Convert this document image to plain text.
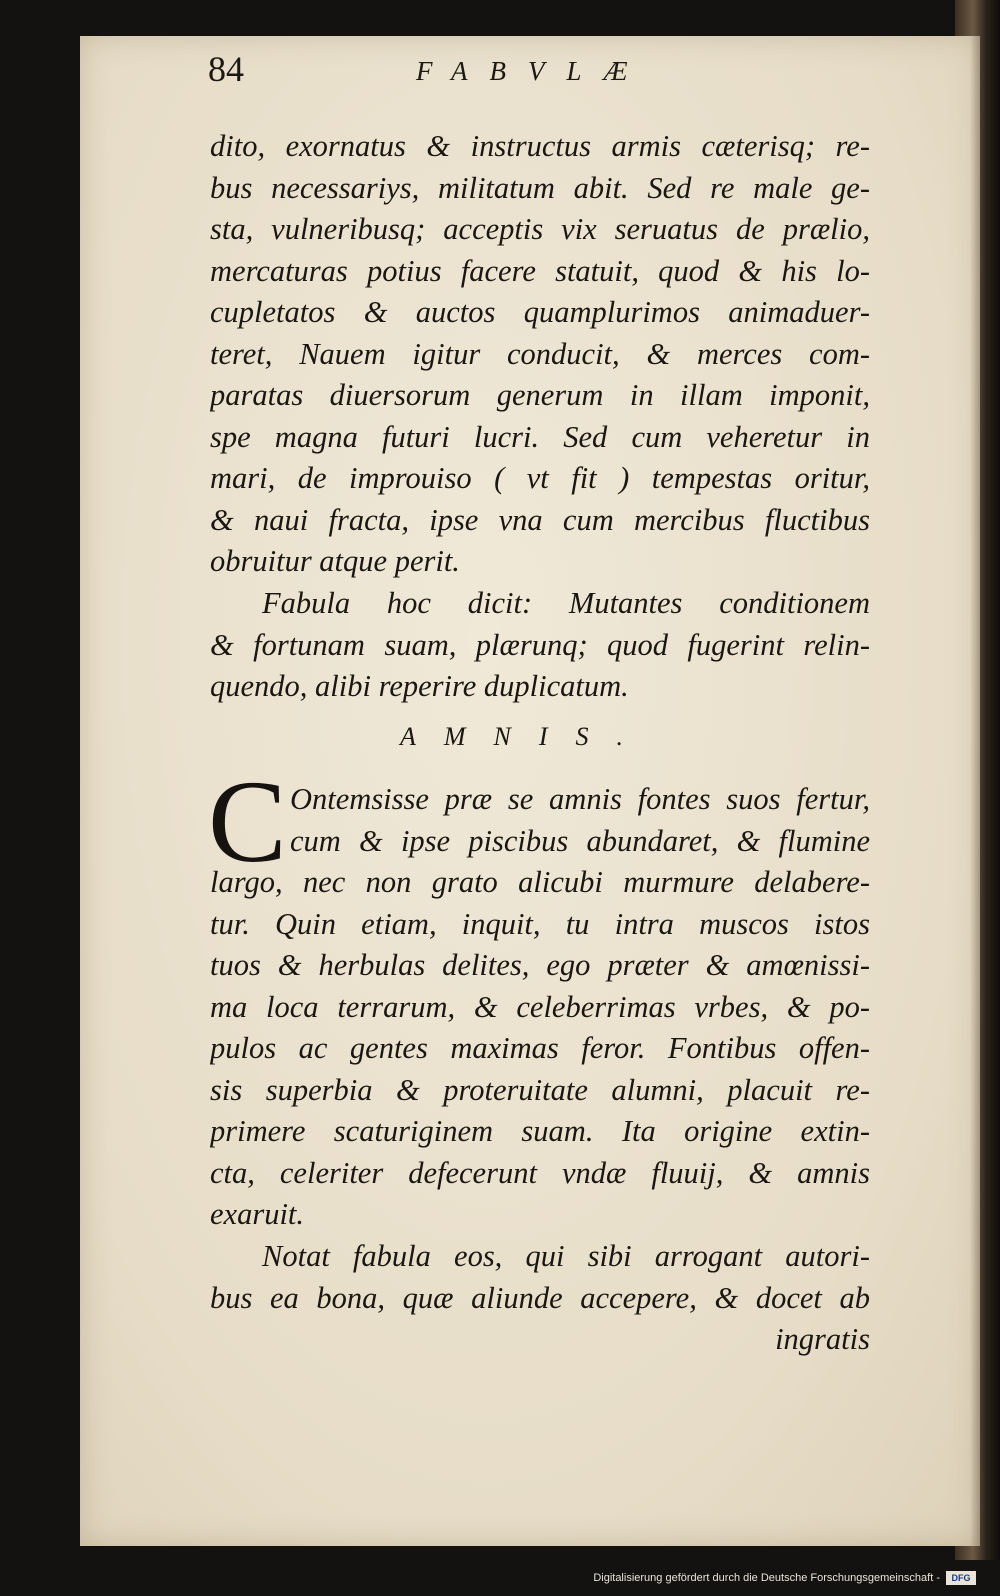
84	FABVLÆ
dito, exornatus & instructus armis cæterisq; re-
bus necessariys, militatum abit. Sed re male ge-
sta, vulneribusq; acceptis vix seruatus de prælio,
mercaturas potius facere statuit, quod & his lo-
cupletatos & auctos quamplurimos animaduer-
teret, Nauem igitur conducit, & merces com-
paratas diuersorum generum in illam imponit,
spe magna futuri lucri. Sed cum veheretur in
mari, de improuiso ( vt fit ) tempestas oritur,
& naui fracta, ipse vna cum mercibus fluctibus
obruitur atque perit.
Fabula hoc dicit: Mutantes conditionem
& fortunam suam, plærunq; quod fugerint relin-
quendo, alibi reperire duplicatum.
AMNIS.
C Ontemsisse præ se amnis fontes suos fertur,
cum & ipse piscibus abundaret, & flumine
largo, nec non grato alicubi murmure delabere-
tur. Quin etiam, inquit, tu intra muscos istos
tuos & herbulas delites, ego præter & amœnissi-
ma loca terrarum, & celeberrimas vrbes, & po-
pulos ac gentes maximas feror. Fontibus offen-
sis superbia & proteruitate alumni, placuit re-
primere scaturiginem suam. Ita origine extin-
cta, celeriter defecerunt vndæ fluuij, & amnis
exaruit.
Notat fabula eos, qui sibi arrogant autori-
bus ea bona, quæ aliunde accepere, & docet ab
ingratis
Digitalisierung gefördert durch die Deutsche Forschungsgemeinschaft -	DFG
